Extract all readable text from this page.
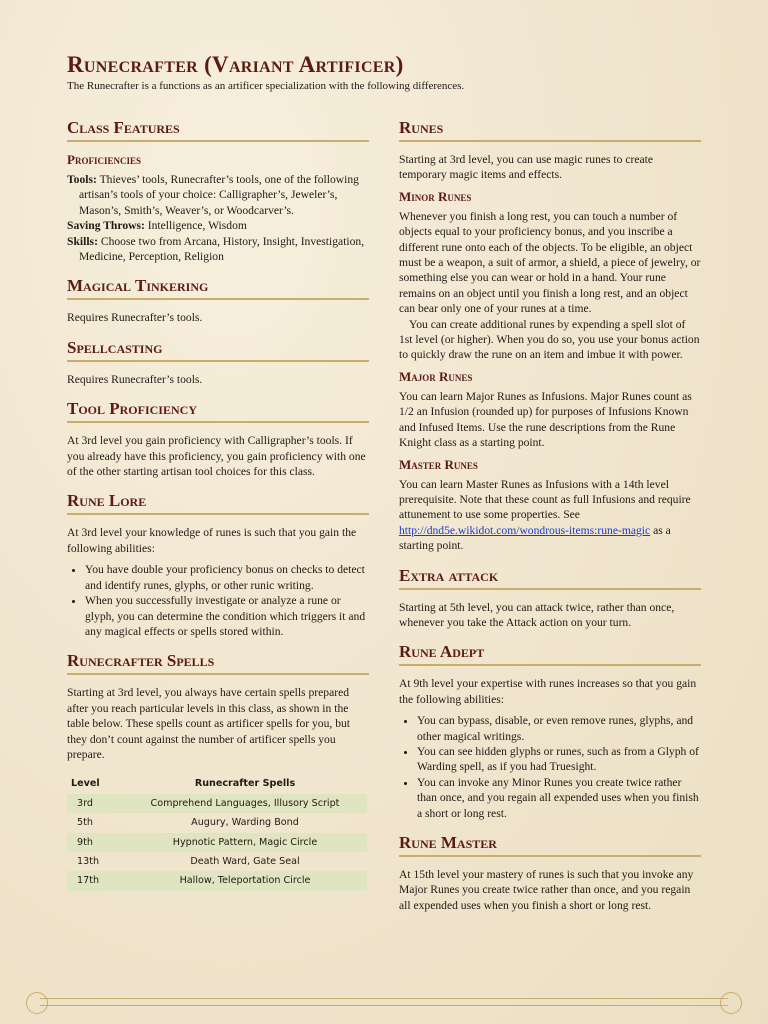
Runecrafter (Variant Artificer)

The Runecrafter is a functions as an artificer specialization with the following differences.

Class Features
Proficiencies

Tools: Thieves’ tools, Runecrafter’s tools, one of the following artisan’s tools of your choice: Calligrapher’s, Jeweler’s, Mason’s, Smith’s, Weaver’s, or Woodcarver’s.

Saving Throws: Intelligence, Wisdom

Skills: Choose two from Arcana, History, Insight, Investigation, Medicine, Perception, Religion

Magical Tinkering

Requires Runecrafter’s tools.

Spellcasting

Requires Runecrafter’s tools.

Tool Proficiency

At 3rd level you gain proficiency with Calligrapher’s tools. If you already have this proficiency, you gain proficiency with one of the other starting artisan tool choices for this class.

Rune Lore

At 3rd level your knowledge of runes is such that you gain the following abilities:

• You have double your proficiency bonus on checks to detect and identify runes, glyphs, or other runic writing.
• When you successfully investigate or analyze a rune or glyph, you can determine the condition which triggers it and any magical effects or spells stored within.
Runecrafter Spells

Starting at 3rd level, you always have certain spells prepared after you reach particular levels in this class, as shown in the table below. These spells count as artificer spells for you, but they don’t count against the number of artificer spells you prepare.

Level	Runecrafter Spells
3rd	Comprehend Languages, Illusory Script
5th	Augury, Warding Bond
9th	Hypnotic Pattern, Magic Circle
13th	Death Ward, Gate Seal
17th	Hallow, Teleportation Circle
Runes

Starting at 3rd level, you can use magic runes to create temporary magic items and effects.

Minor Runes

Whenever you finish a long rest, you can touch a number of objects equal to your proficiency bonus, and you inscribe a different rune onto each of the objects. To be eligible, an object must be a weapon, a suit of armor, a shield, a piece of jewelry, or something else you can wear or hold in a hand. Your rune remains on an object until you finish a long rest, and an object can bear only one of your runes at a time.

You can create additional runes by expending a spell slot of 1st level (or higher). When you do so, you use your bonus action to quickly draw the rune on an item and imbue it with power.

Major Runes

You can learn Major Runes as Infusions. Major Runes count as 1/2 an Infusion (rounded up) for purposes of Infusions Known and Infused Items. Use the rune descriptions from the Rune Knight class as a starting point.

Master Runes

You can learn Master Runes as Infusions with a 14th level prerequisite. Note that these count as full Infusions and require attunement to use some properties. See http://dnd5e.wikidot.com/wondrous-items:rune-magic as a starting point.

Extra attack

Starting at 5th level, you can attack twice, rather than once, whenever you take the Attack action on your turn.

Rune Adept

At 9th level your expertise with runes increases so that you gain the following abilities:

• You can bypass, disable, or even remove runes, glyphs, and other magical writings.
• You can see hidden glyphs or runes, such as from a Glyph of Warding spell, as if you had Truesight.
• You can invoke any Minor Runes you create twice rather than once, and you regain all expended uses when you finish a short or long rest.
Rune Master

At 15th level your mastery of runes is such that you invoke any Major Runes you create twice rather than once, and you regain all expended uses when you finish a short or long rest.
